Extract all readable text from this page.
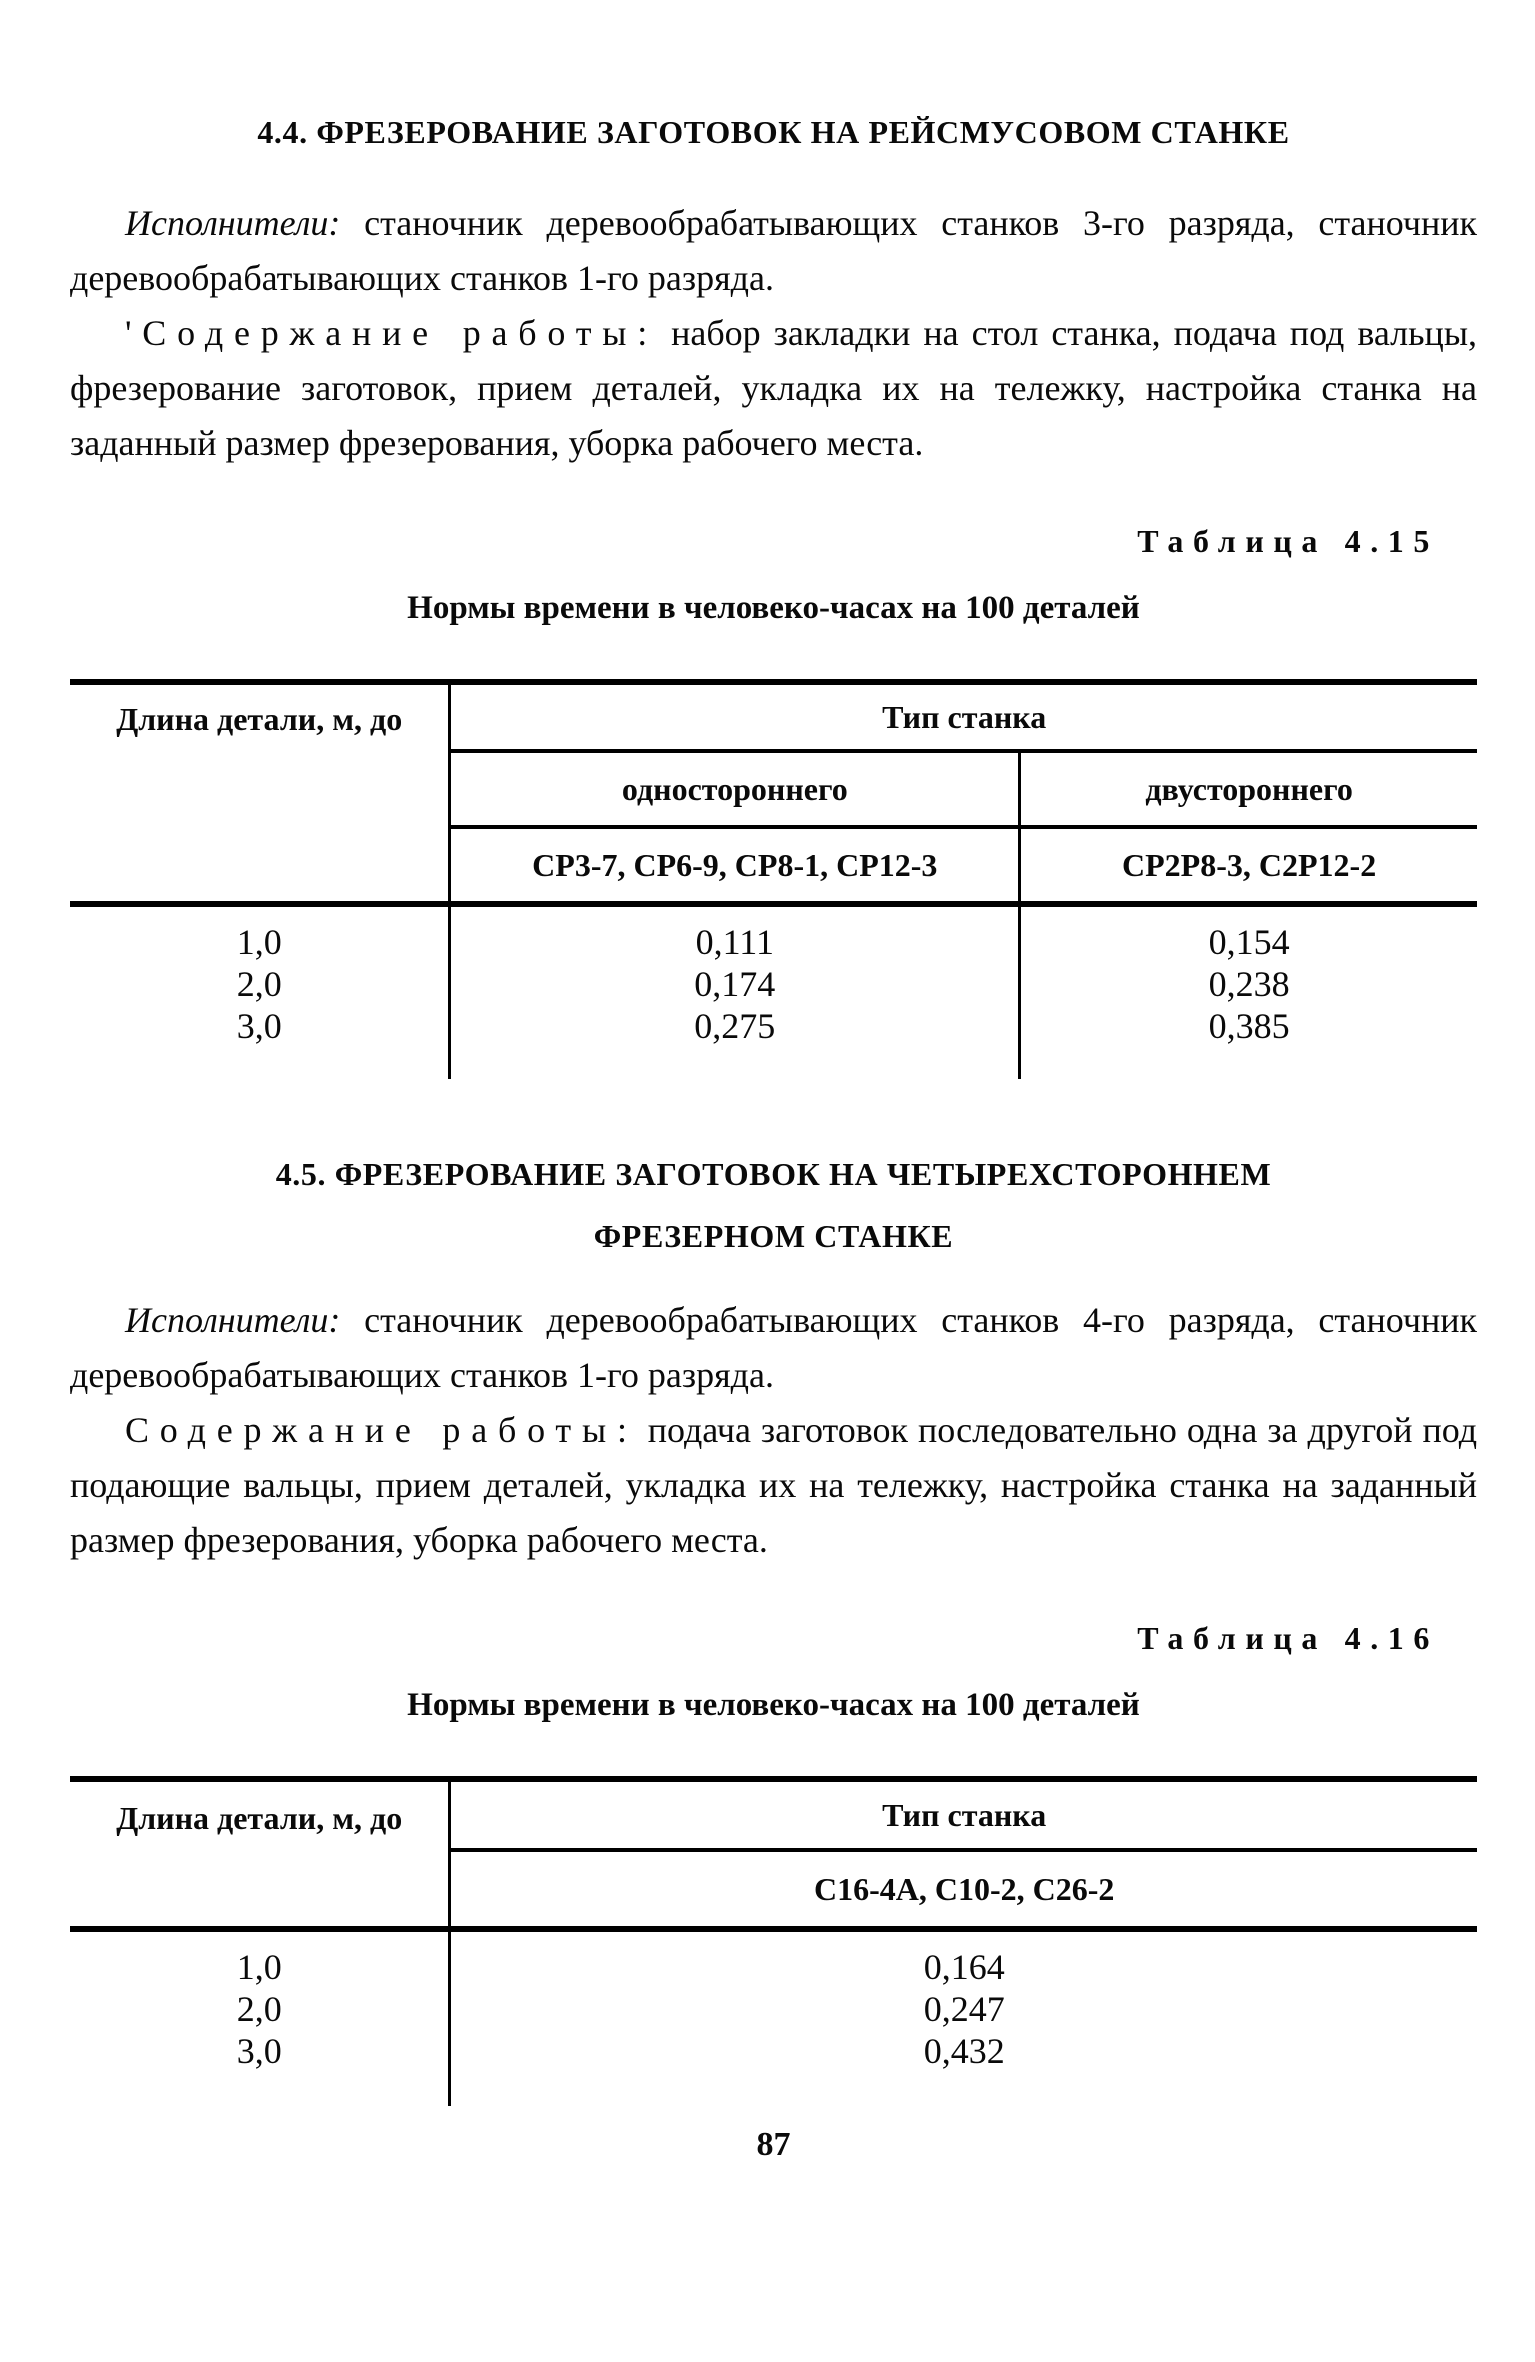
4.4. ФРЕЗЕРОВАНИЕ ЗАГОТОВОК НА РЕЙСМУСОВОМ СТАНКЕ

Исполнители: станочник деревообрабатывающих станков 3-го разряда, станочник деревообрабатывающих станков 1-го разряда.

'Содержание работы: набор закладки на стол станка, подача под вальцы, фрезерование заготовок, прием деталей, укладка их на тележку, настройка станка на заданный размер фрезерования, уборка рабочего места.

Таблица 4.15
Нормы времени в человеко-часах на 100 деталей
Длина детали, м, до	Тип станка	
	одностороннего	двустороннего
	СР3-7, СР6-9, СР8-1, СР12-3	СР2Р8-3, С2Р12-2
1,0	0,111	0,154
2,0	0,174	0,238
3,0	0,275	0,385
4.5. ФРЕЗЕРОВАНИЕ ЗАГОТОВОК НА ЧЕТЫРЕХСТОРОННЕМ
ФРЕЗЕРНОМ СТАНКЕ

Исполнители: станочник деревообрабатывающих станков 4-го разряда, станочник деревообрабатывающих станков 1-го разряда.

Содержание работы: подача заготовок последовательно одна за другой под подающие вальцы, прием деталей, укладка их на тележку, настройка станка на заданный размер фрезерования, уборка рабочего места.

Таблица 4.16
Нормы времени в человеко-часах на 100 деталей
Длина детали, м, до	Тип станка
	С16-4А, С10-2, С26-2
1,0	0,164
2,0	0,247
3,0	0,432
87
